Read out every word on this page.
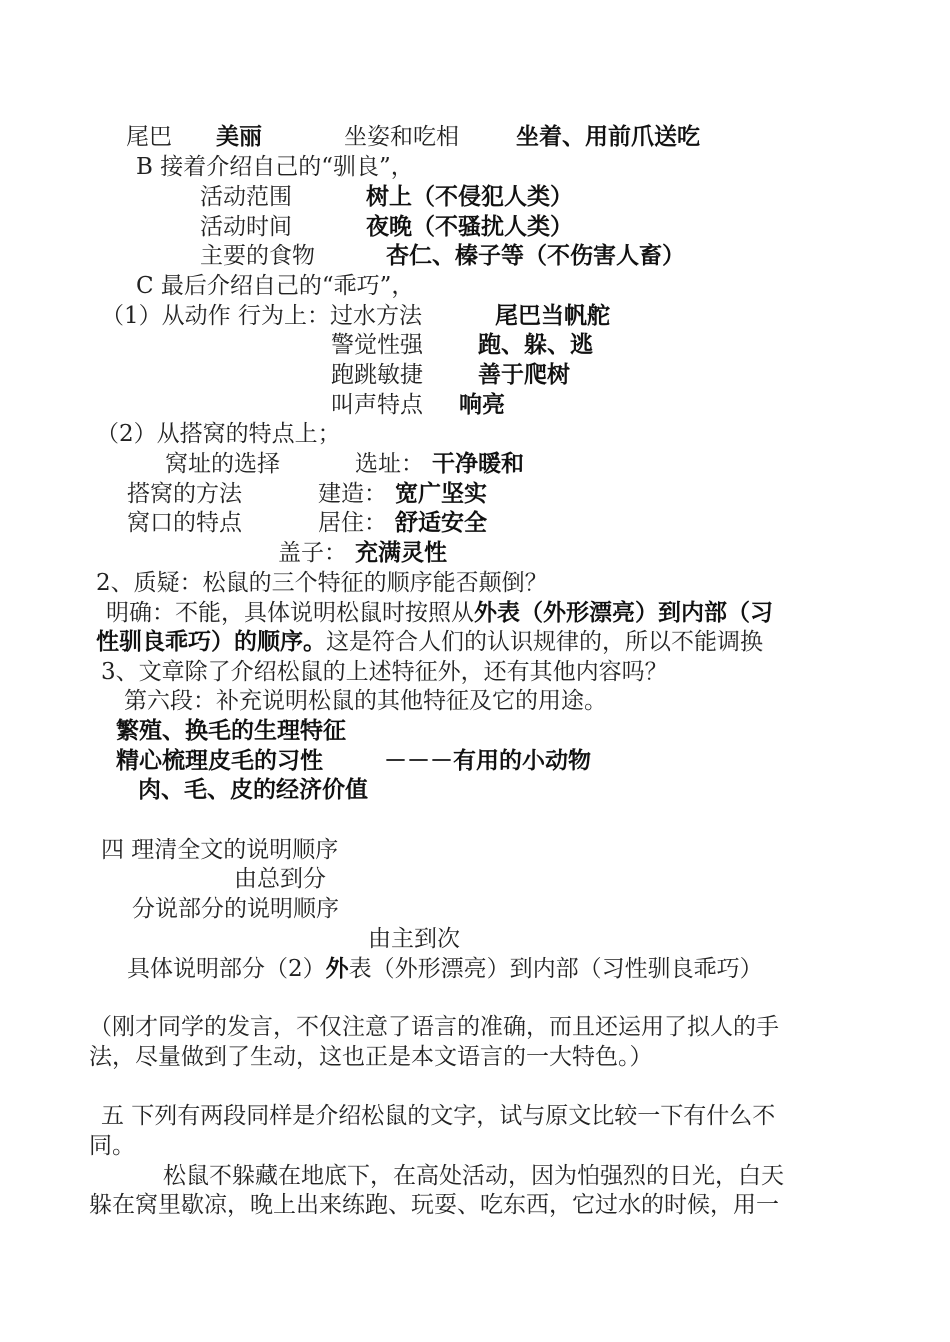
尾巴 美丽	坐姿和吃相 坐着、用前爪送吃
B 接着介绍自己的“驯良”，
活动范围	树上（不侵犯人类）
活动时间	夜晚（不骚扰人类）
主要的食物	杏仁、榛子等（不伤害人畜）
C 最后介绍自己的“乖巧”，
（1）从动作 行为上：过水方法	尾巴当帆舵
警觉性强 跑、躲、逃
跑跳敏捷 善于爬树
叫声特点 响亮
（2）从搭窝的特点上；
窝址的选择	选址： 干净暖和
搭窝的方法	建造： 宽广坚实
窝口的特点	居住： 舒适安全
盖子： 充满灵性
2、质疑：松鼠的三个特征的顺序能否颠倒？
明确：不能，具体说明松鼠时按照从外表（外形漂亮）到内部（习
性驯良乖巧）的顺序。这是符合人们的认识规律的，所以不能调换
3、文章除了介绍松鼠的上述特征外，还有其他内容吗？
第六段：补充说明松鼠的其他特征及它的用途。
繁殖、换毛的生理特征
精心梳理皮毛的习性	－－－有用的小动物
肉、毛、皮的经济价值
四 理清全文的说明顺序
由总到分
分说部分的说明顺序
由主到次
具体说明部分（2）外表（外形漂亮）到内部（习性驯良乖巧）
（刚才同学的发言，不仅注意了语言的准确，而且还运用了拟人的手
法，尽量做到了生动，这也正是本文语言的一大特色。）
五 下列有两段同样是介绍松鼠的文字，试与原文比较一下有什么不
同。
松鼠不躲藏在地底下，在高处活动，因为怕强烈的日光，白天
躲在窝里歇凉，晚上出来练跑、玩耍、吃东西，它过水的时候，用一
